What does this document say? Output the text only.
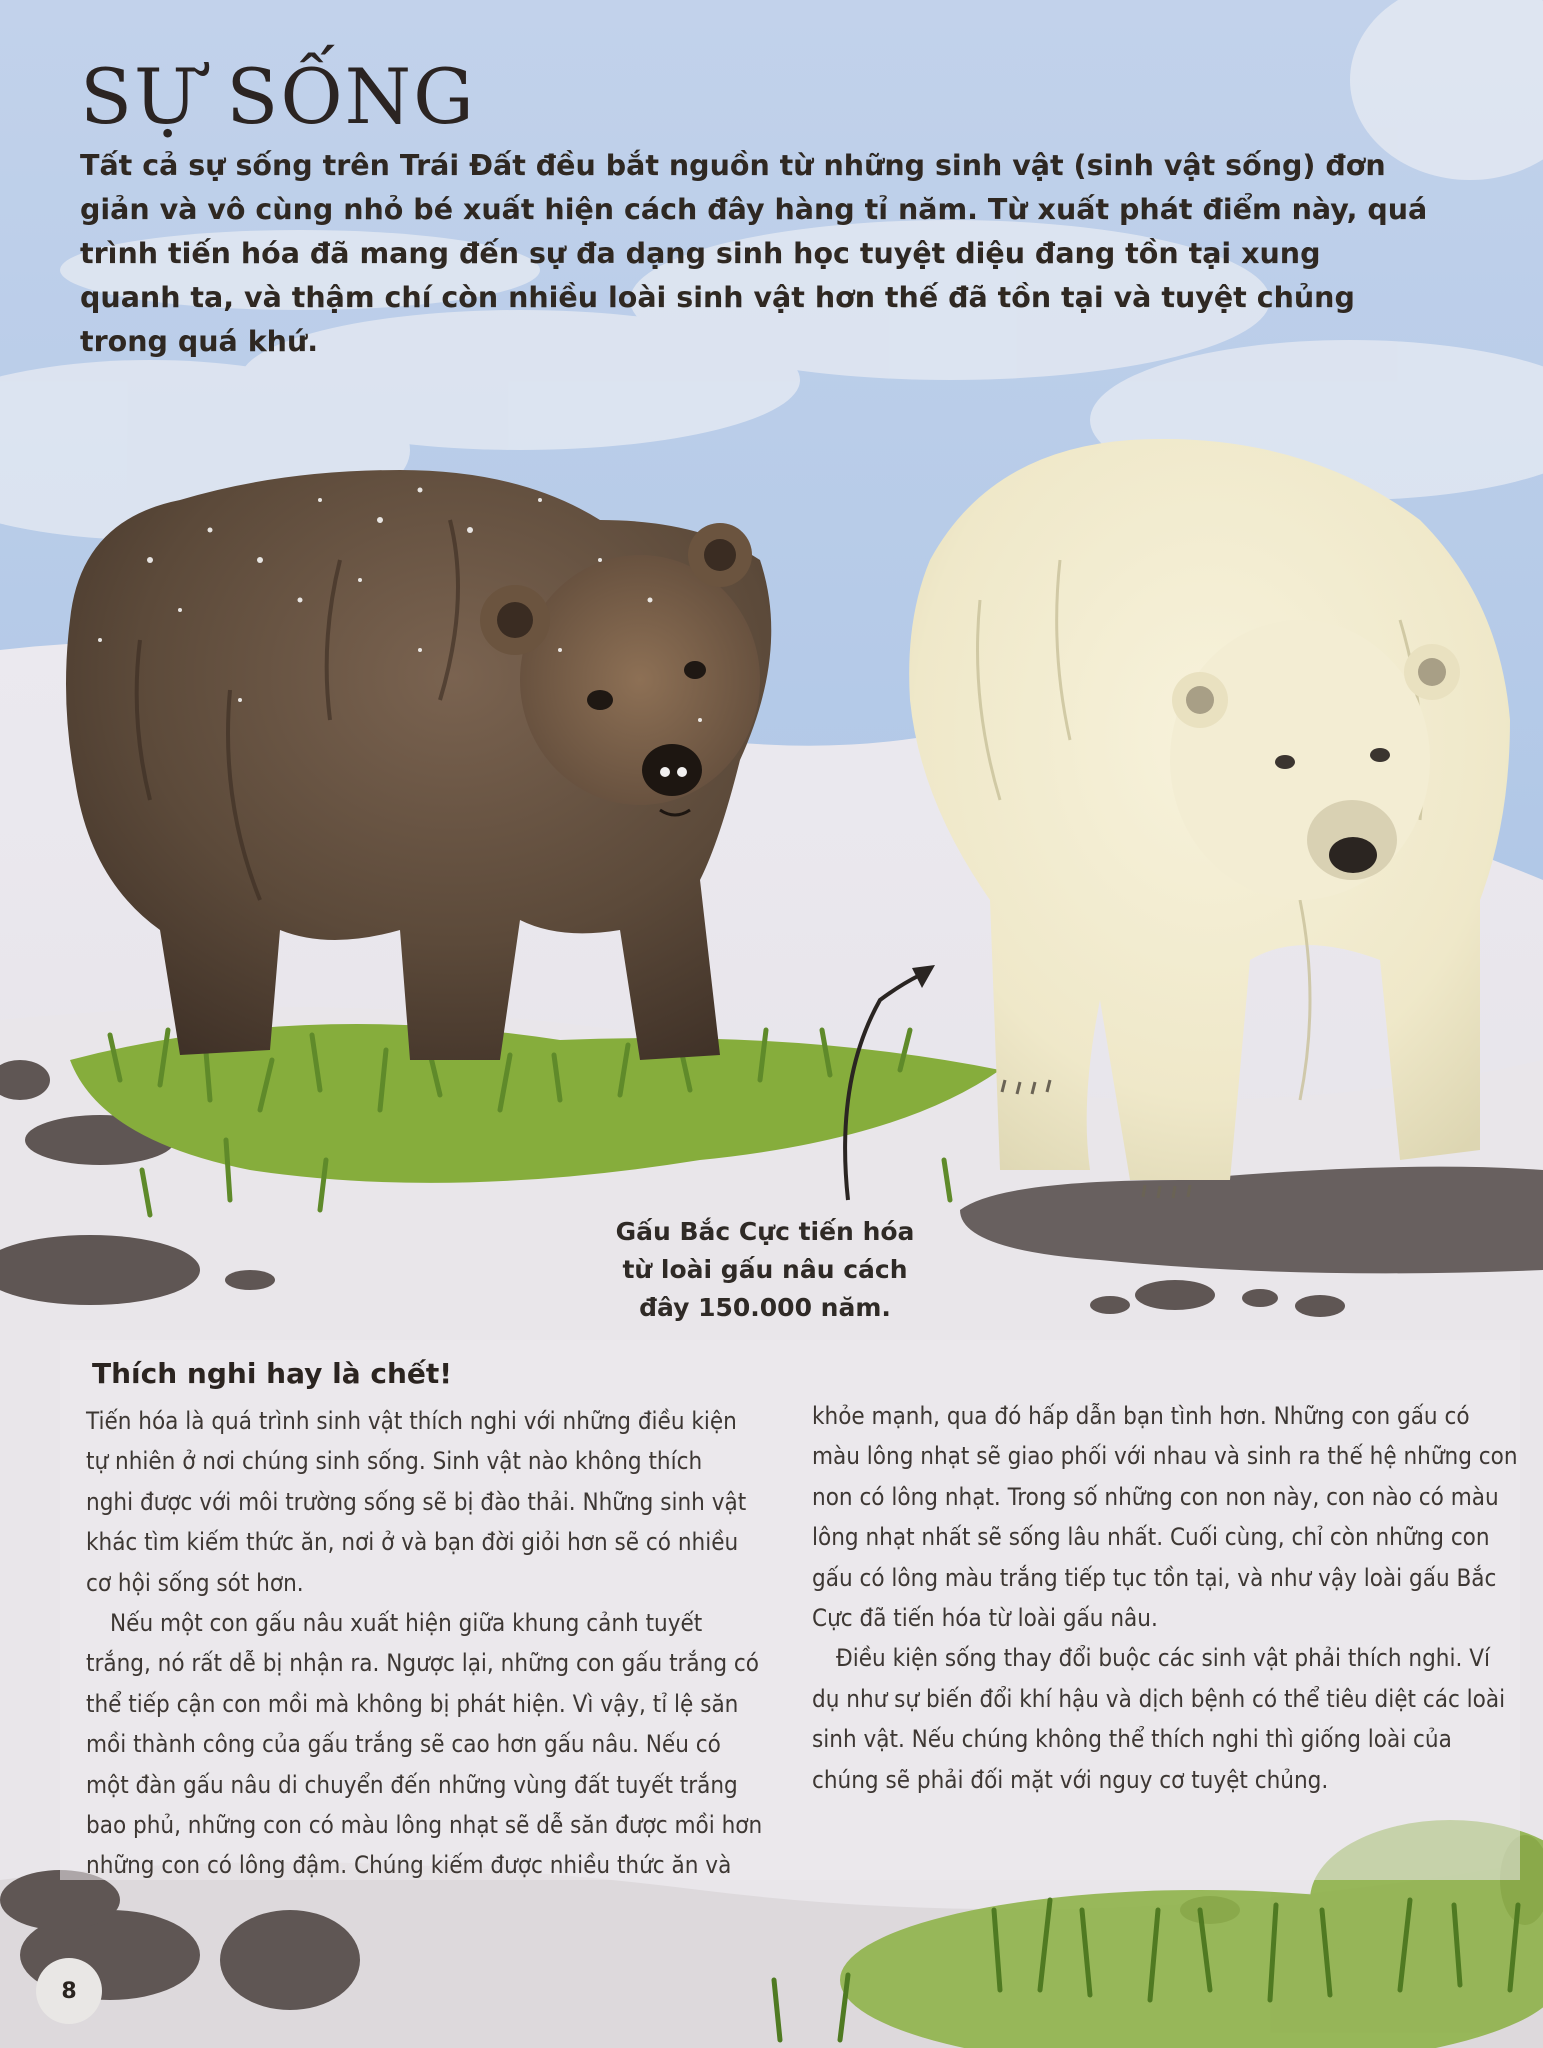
SỰ SỐNG

Tất cả sự sống trên Trái Đất đều bắt nguồn từ những sinh vật (sinh vật sống) đơn giản và vô cùng nhỏ bé xuất hiện cách đây hàng tỉ năm. Từ xuất phát điểm này, quá trình tiến hóa đã mang đến sự đa dạng sinh học tuyệt diệu đang tồn tại xung quanh ta, và thậm chí còn nhiều loài sinh vật hơn thế đã tồn tại và tuyệt chủng trong quá khứ.

Gấu Bắc Cực tiến hóa
từ loài gấu nâu cách
đây 150.000 năm.
Thích nghi hay là chết!
Tiến hóa là quá trình sinh vật thích nghi với những điều kiện
tự nhiên ở nơi chúng sinh sống. Sinh vật nào không thích
nghi được với môi trường sống sẽ bị đào thải. Những sinh vật
khác tìm kiếm thức ăn, nơi ở và bạn đời giỏi hơn sẽ có nhiều
cơ hội sống sót hơn.
Nếu một con gấu nâu xuất hiện giữa khung cảnh tuyết
trắng, nó rất dễ bị nhận ra. Ngược lại, những con gấu trắng có
thể tiếp cận con mồi mà không bị phát hiện. Vì vậy, tỉ lệ săn
mồi thành công của gấu trắng sẽ cao hơn gấu nâu. Nếu có
một đàn gấu nâu di chuyển đến những vùng đất tuyết trắng
bao phủ, những con có màu lông nhạt sẽ dễ săn được mồi hơn
những con có lông đậm. Chúng kiếm được nhiều thức ăn và

khỏe mạnh, qua đó hấp dẫn bạn tình hơn. Những con gấu có màu lông nhạt sẽ giao phối với nhau và sinh ra thế hệ những con non có lông nhạt. Trong số những con non này, con nào có màu lông nhạt nhất sẽ sống lâu nhất. Cuối cùng, chỉ còn những con gấu có lông màu trắng tiếp tục tồn tại, và như vậy loài gấu Bắc Cực đã tiến hóa từ loài gấu nâu.

Điều kiện sống thay đổi buộc các sinh vật phải thích nghi. Ví dụ như sự biến đổi khí hậu và dịch bệnh có thể tiêu diệt các loài sinh vật. Nếu chúng không thể thích nghi thì giống loài của chúng sẽ phải đối mặt với nguy cơ tuyệt chủng.

8
